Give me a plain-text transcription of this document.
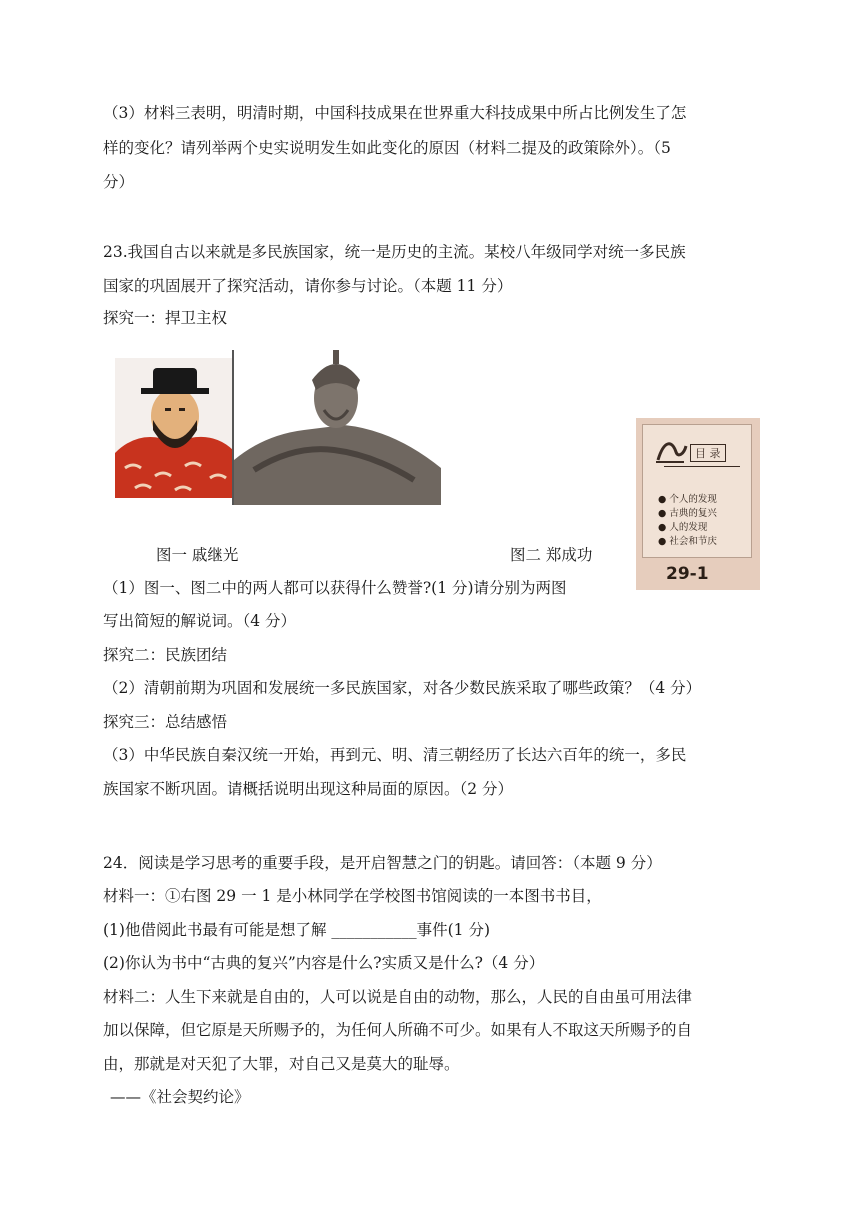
（3）材料三表明，明清时期，中国科技成果在世界重大科技成果中所占比例发生了怎
样的变化？请列举两个史实说明发生如此变化的原因（材料二提及的政策除外）。（5
分）
23.我国自古以来就是多民族国家，统一是历史的主流。某校八年级同学对统一多民族
国家的巩固展开了探究活动，请你参与讨论。（本题 11 分）
探究一：捍卫主权
目 录
● 个人的发现
● 古典的复兴
● 人的发现
● 社会和节庆
29-1
图一 戚继光	图二 郑成功
（1）图一、图二中的两人都可以获得什么赞誉?(1 分)请分别为两图
写出简短的解说词。（4 分）
探究二：民族团结
（2）清朝前期为巩固和发展统一多民族国家，对各少数民族采取了哪些政策？（4 分）
探究三：总结感悟
（3）中华民族自秦汉统一开始，再到元、明、清三朝经历了长达六百年的统一，多民
族国家不断巩固。请概括说明出现这种局面的原因。（2 分）
24．阅读是学习思考的重要手段，是开启智慧之门的钥匙。请回答：（本题 9 分）
材料一：①右图 29 一 1 是小林同学在学校图书馆阅读的一本图书书目，
(1)他借阅此书最有可能是想了解 ___________事件(1 分)
(2)你认为书中“古典的复兴”内容是什么?实质又是什么?（4 分）
材料二：人生下来就是自由的，人可以说是自由的动物，那么，人民的自由虽可用法律
加以保障，但它原是天所赐予的，为任何人所确不可少。如果有人不取这天所赐予的自
由，那就是对天犯了大罪，对自己又是莫大的耻辱。
——《社会契约论》
